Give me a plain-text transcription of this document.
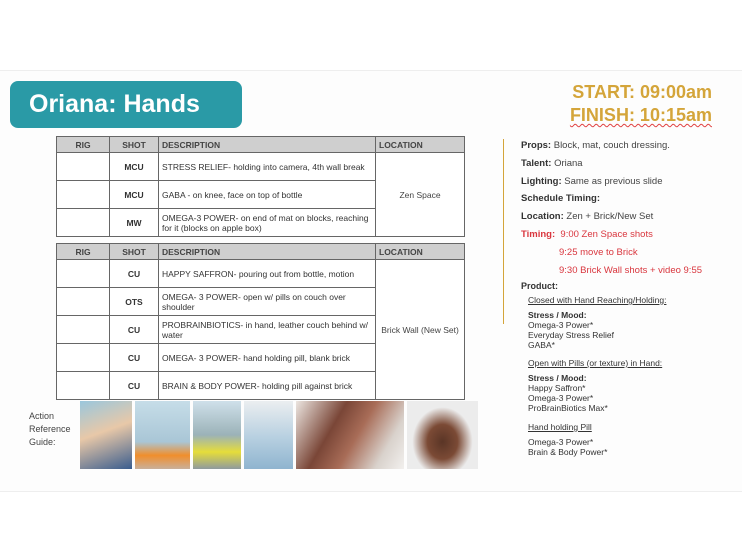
Oriana: Hands	START: 09:00am
FINISH: 10:15am
RIG	SHOT	DESCRIPTION	LOCATION
	MCU	STRESS RELIEF- holding into camera, 4th wall break	Zen Space
	MCU	GABA - on knee, face on top of bottle	
	MW	OMEGA-3 POWER- on end of mat on blocks, reaching for it (blocks on apple box)	
RIG	SHOT	DESCRIPTION	LOCATION
	CU	HAPPY SAFFRON- pouring out from bottle, motion	Brick Wall (New Set)
	OTS	OMEGA- 3 POWER- open w/ pills on couch over shoulder	
	CU	PROBRAINBIOTICS- in hand, leather couch behind w/ water	
	CU	OMEGA- 3 POWER- hand holding pill, blank brick	
	CU	BRAIN & BODY POWER- holding pill against brick	
Props: Block, mat, couch dressing.
Talent: Oriana
Lighting: Same as previous slide
Schedule Timing:
Location: Zen + Brick/New Set
Timing: 9:00 Zen Space shots
9:25 move to Brick
9:30 Brick Wall shots + video 9:55
Product:
Closed with Hand Reaching/Holding:
Stress / Mood:
Omega-3 Power*
Everyday Stress Relief
GABA*
Open with Pills (or texture) in Hand:
Stress / Mood:
Happy Saffron*
Omega-3 Power*
ProBrainBiotics Max*
Hand holding Pill
Omega-3 Power*
Brain & Body Power*
Action
Reference
Guide:
